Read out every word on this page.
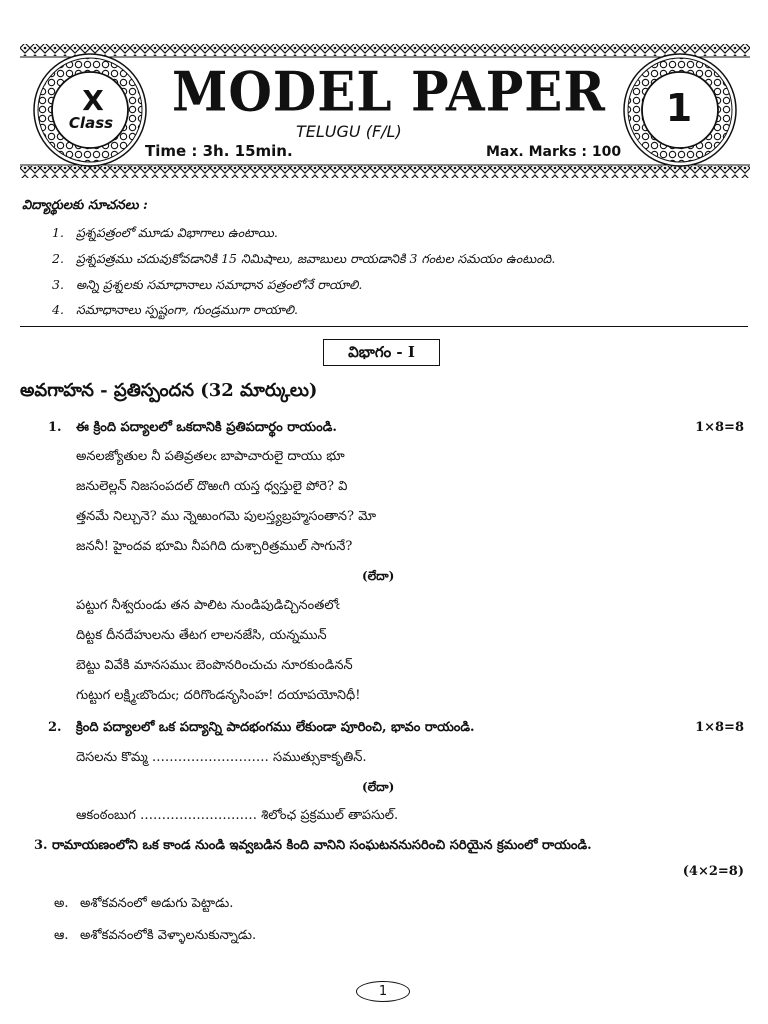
X
Class MODEL PAPER
TELUGU (F/L)
Time : 3h. 15min.	Max. Marks : 100
1
విద్యార్థులకు సూచనలు :
1. ప్రశ్నపత్రంలో మూడు విభాగాలు ఉంటాయి.
2. ప్రశ్నపత్రము చదువుకోవడానికి 15 నిమిషాలు, జవాబులు రాయడానికి 3 గంటల సమయం ఉంటుంది.
3. అన్ని ప్రశ్నలకు సమాధానాలు సమాధాన పత్రంలోనే రాయాలి.
4. సమాధానాలు స్పష్టంగా, గుండ్రముగా రాయాలి.
విభాగం - I
అవగాహన - ప్రతిస్పందన (32 మార్కులు)
1. ఈ క్రింది పద్యాలలో ఒకదానికి ప్రతిపదార్థం రాయండి.	1×8=8
అనలజ్యోతుల నీ పతివ్రతలఁ బాపాచారులై దాయు భూ
జనులెల్లన్ నిజసంపదల్ దొఱఁగి యస్త ధ్వస్తులై పోరె? వి
త్తనమే నిల్చునె? ము న్నెఱుంగమె పులస్త్యబ్రహ్మసంతాన? మో
జననీ! హైందవ భూమి నీపగిది దుశ్చారిత్రముల్ సాగునే?
(లేదా)
పట్టుగ నీశ్వరుండు తన పాలిట నుండిపుడిచ్చినంతలోఁ
దిట్టక దీనదేహులను తేటగ లాలనజేసి, యన్నమున్
బెట్టు వివేకి మానసముఁ బెంపొనరించుచు నూరకుండినన్
గుట్టుగ లక్ష్మిఁబొందుఁ; దరిగొండనృసింహ! దయాపయోనిధీ!
2. క్రింది పద్యాలలో ఒక పద్యాన్ని పాదభంగము లేకుండా పూరించి, భావం రాయండి.	1×8=8
దెసలను కొమ్మ ……………………… సముత్సుకాకృతిన్.
(లేదా)
ఆకంఠంబుగ ……………………… శిలోంఛ ప్రక్రముల్ తాపసుల్.
3. రామాయణంలోని ఒక కాండ నుండి ఇవ్వబడిన కింది వానిని సంఘటననుసరించి సరియైన క్రమంలో రాయండి.
(4×2=8)
అ. అశోకవనంలో అడుగు పెట్టాడు.
ఆ. అశోకవనంలోకి వెళ్ళాలనుకున్నాడు.
1
